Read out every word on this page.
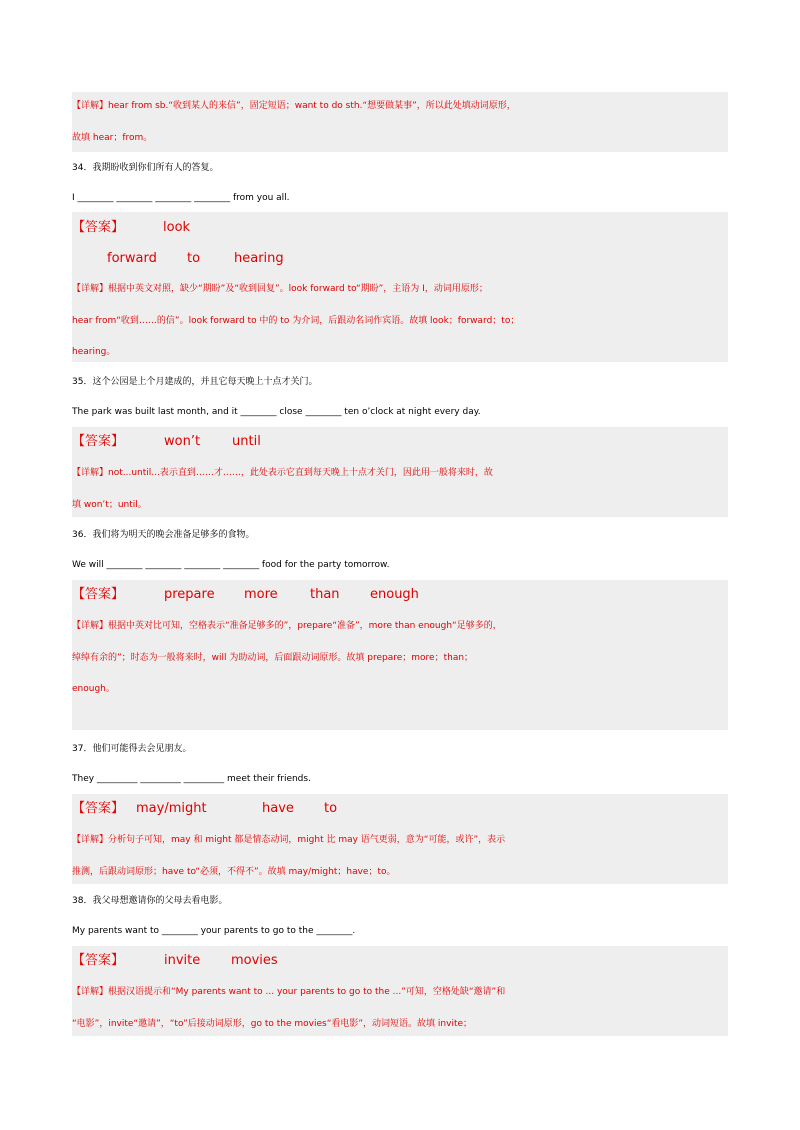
【详解】hear from sb.“收到某人的来信”，固定短语；want to do sth.“想要做某事”，所以此处填动词原形，
故填 hear；from。
34．我期盼收到你们所有人的答复。
I ________ ________ ________ ________ from you all.
【答案】	look
forward to	hearing
【详解】根据中英文对照，缺少“期盼”及“收到回复”。look forward to“期盼”，主语为 I，动词用原形；
hear from“收到……的信”。look forward to 中的 to 为介词，后跟动名词作宾语。故填 look；forward；to；
hearing。
35．这个公园是上个月建成的，并且它每天晚上十点才关门。
The park was built last month, and it ________ close ________ ten o’clock at night every day.
【答案】	won’t until
【详解】not...until...表示直到……才……，此处表示它直到每天晚上十点才关门，因此用一般将来时，故
填 won’t；until。
36．我们将为明天的晚会准备足够多的食物。
We will ________ ________ ________ ________ food for the party tomorrow.
【答案】	prepare more than enough
【详解】根据中英对比可知，空格表示“准备足够多的”，prepare“准备”，more than enough“足够多的，
绰绰有余的”；时态为一般将来时，will 为助动词，后面跟动词原形。故填 prepare；more；than；
enough。
37．他们可能得去会见朋友。
They _________ _________ _________ meet their friends.
【答案】 may/might	have to
【详解】分析句子可知，may 和 might 都是情态动词，might 比 may 语气更弱，意为“可能，或许”，表示
推测，后跟动词原形；have to“必须，不得不”。故填 may/might；have；to。
38．我父母想邀请你的父母去看电影。
My parents want to ________ your parents to go to the ________.
【答案】	invite movies
【详解】根据汉语提示和“My parents want to ... your parents to go to the ...”可知，空格处缺“邀请”和
“电影”，invite“邀请”，“to”后接动词原形，go to the movies“看电影”，动词短语。故填 invite；
